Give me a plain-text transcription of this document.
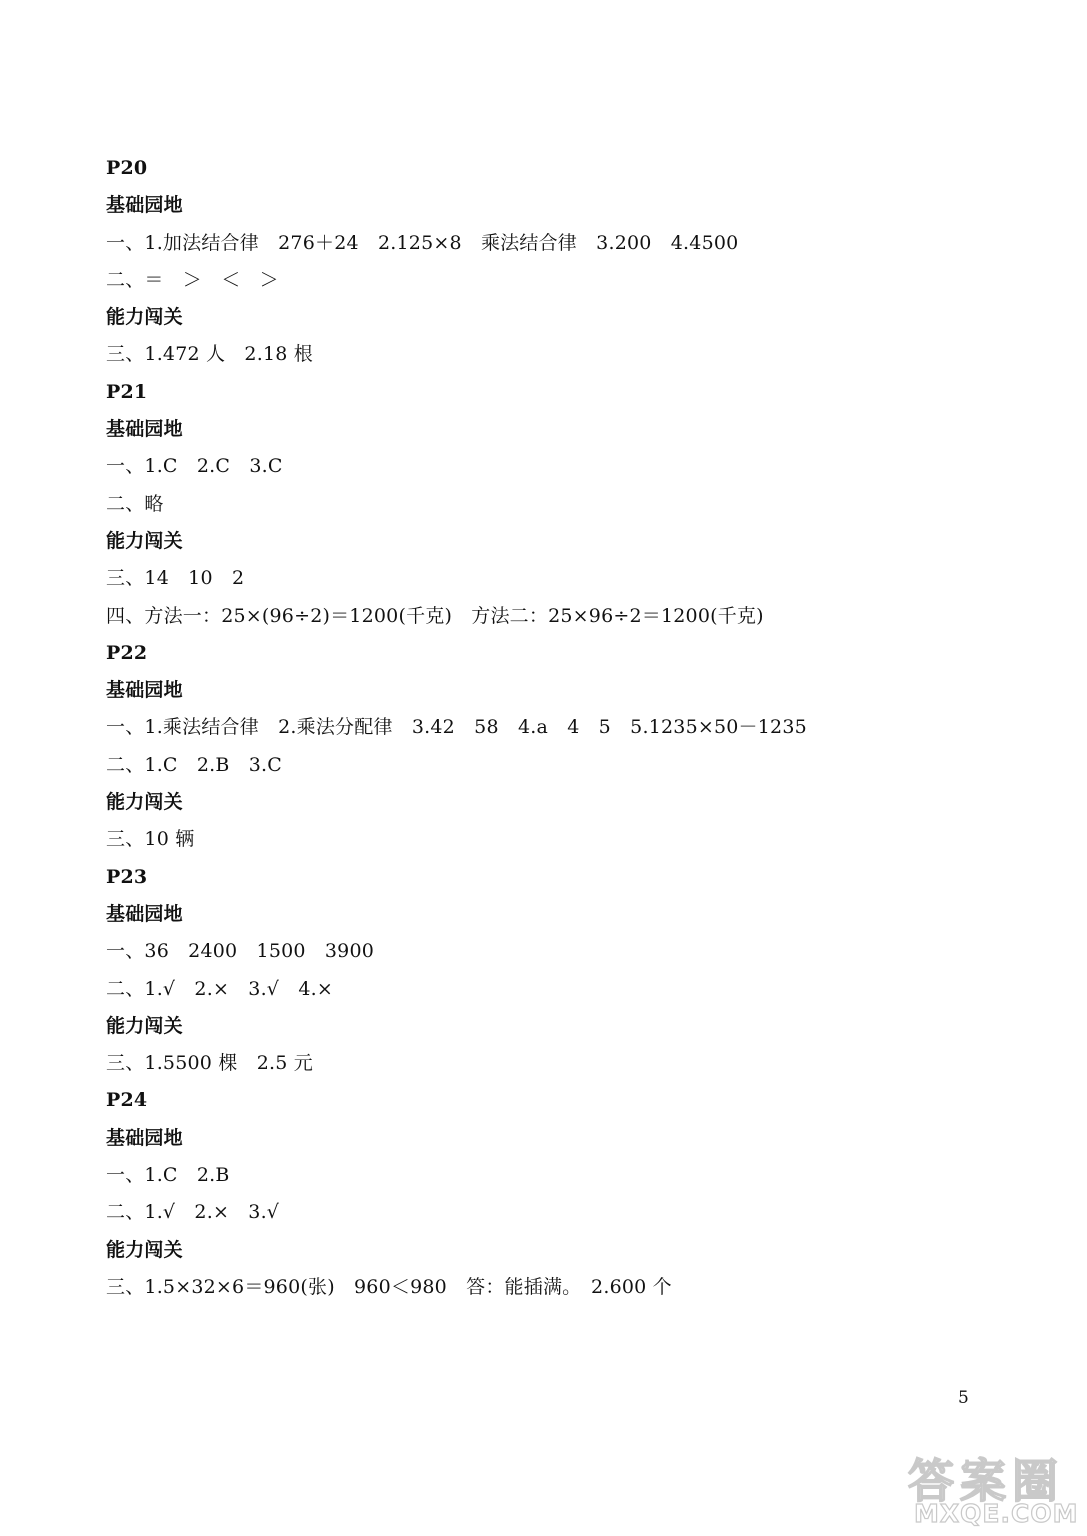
P20
基础园地
一、1.加法结合律　276＋24　2.125×8　乘法结合律　3.200　4.4500
二、＝　＞　＜　＞
能力闯关
三、1.472 人　2.18 根
P21
基础园地
一、1.C　2.C　3.C
二、略
能力闯关
三、14　10　2
四、方法一：25×(96÷2)＝1200(千克)　方法二：25×96÷2＝1200(千克)
P22
基础园地
一、1.乘法结合律　2.乘法分配律　3.42　58　4.a　4　5　5.1235×50－1235
二、1.C　2.B　3.C
能力闯关
三、10 辆
P23
基础园地
一、36　2400　1500　3900
二、1.√　2.×　3.√　4.×
能力闯关
三、1.5500 棵　2.5 元
P24
基础园地
一、1.C　2.B
二、1.√　2.×　3.√
能力闯关
三、1.5×32×6＝960(张)　960＜980　答：能插满。　2.600 个
5
答案圈
MXQE.COM
